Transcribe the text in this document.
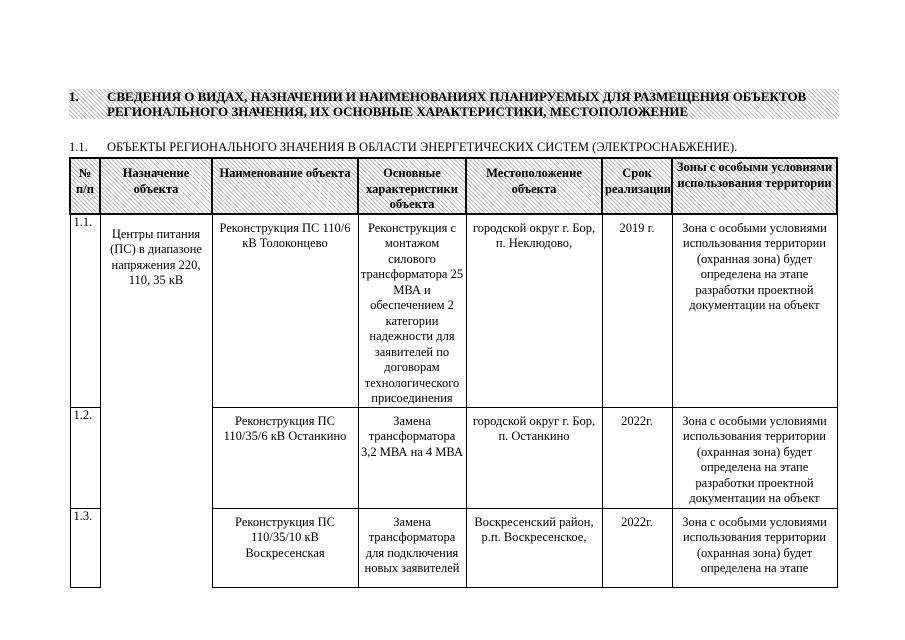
1. СВЕДЕНИЯ О ВИДАХ, НАЗНАЧЕНИИ И НАИМЕНОВАНИЯХ ПЛАНИРУЕМЫХ ДЛЯ РАЗМЕЩЕНИЯ ОБЪЕКТОВ
РЕГИОНАЛЬНОГО ЗНАЧЕНИЯ, ИХ ОСНОВНЫЕ ХАРАКТЕРИСТИКИ, МЕСТОПОЛОЖЕНИЕ
1.1. ОБЪЕКТЫ РЕГИОНАЛЬНОГО ЗНАЧЕНИЯ В ОБЛАСТИ ЭНЕРГЕТИЧЕСКИХ СИСТЕМ (ЭЛЕКТРОСНАБЖЕНИЕ).
№ п/п	Назначение объекта	Наименование объекта	Основные характеристики объекта	Местоположение объекта	Срок реализации	Зоны с особыми условиями использования территории
1.1.	Центры питания (ПС) в диапазоне напряжения 220, 110, 35 кВ	Реконструкция ПС 110/6 кВ Толоконцево	Реконструкция с монтажом силового трансформатора 25 МВА и обеспечением 2 категории надежности для заявителей по договорам технологического присоединения	городской округ г. Бор, п. Неклюдово,	2019 г.	Зона с особыми условиями использования территории (охранная зона) будет определена на этапе разработки проектной документации на объект

1.2.		Реконструкция ПС 110/35/6 кВ Останкино	Замена трансформатора 3,2 МВА на 4 МВА	городской округ г. Бор, п. Останкино	2022г.	Зона с особыми условиями использования территории (охранная зона) будет определена на этапе разработки проектной документации на объект

1.3.		Реконструкция ПС 110/35/10 кВ Воскресенская	Замена трансформатора для подключения новых заявителей	Воскресенский район, р.п. Воскресенское,	2022г.	Зона с особыми условиями использования территории (охранная зона) будет определена на этапе
